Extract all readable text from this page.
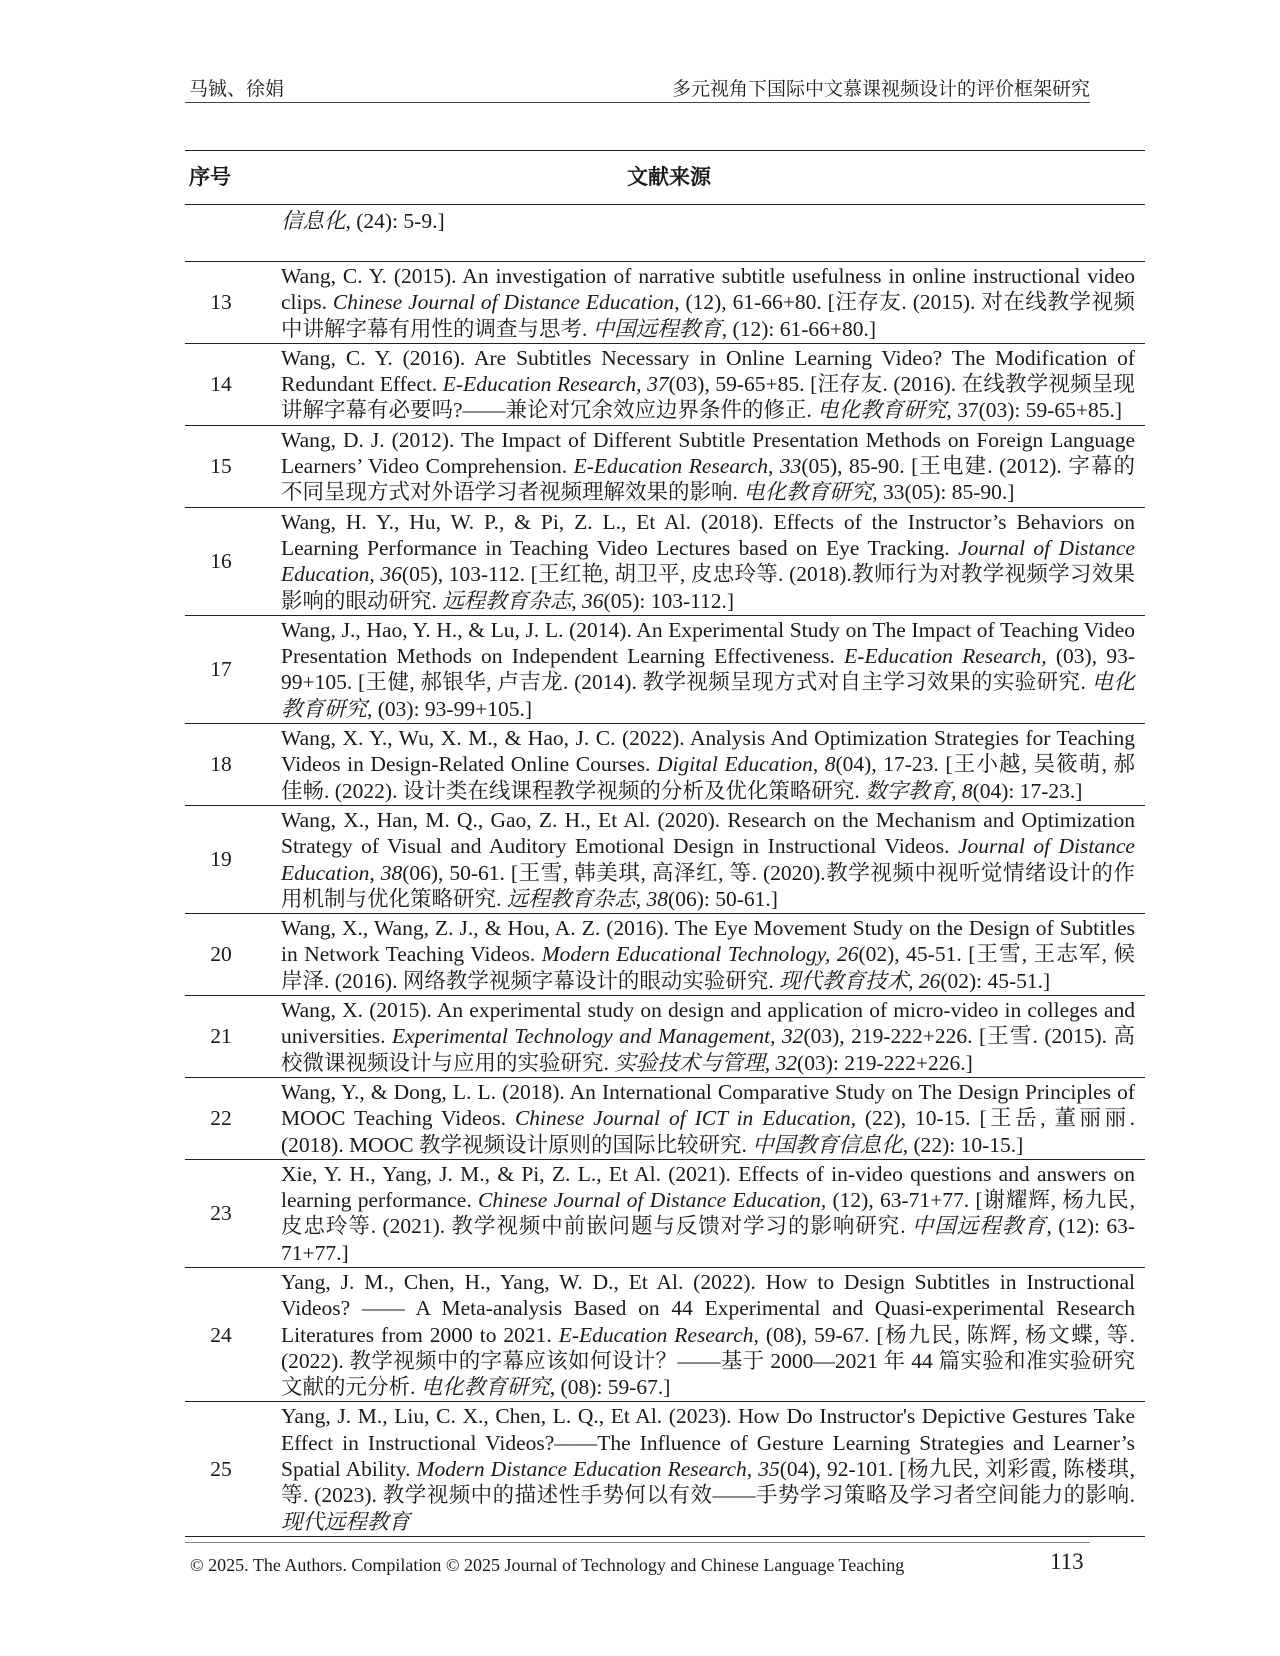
马铖、徐娟	多元视角下国际中文慕课视频设计的评价框架研究
序号	文献来源
	信息化, (24): 5-9.]
13	Wang, C. Y. (2015). An investigation of narrative subtitle usefulness in online instructional video clips. Chinese Journal of Distance Education, (12), 61-66+80. [汪存友. (2015). 对在线教学视频中讲解字幕有用性的调查与思考. 中国远程教育, (12): 61-66+80.]
14	Wang, C. Y. (2016). Are Subtitles Necessary in Online Learning Video? The Modification of Redundant Effect. E-Education Research, 37(03), 59-65+85. [汪存友. (2016). 在线教学视频呈现讲解字幕有必要吗?——兼论对冗余效应边界条件的修正. 电化教育研究, 37(03): 59-65+85.]
15	Wang, D. J. (2012). The Impact of Different Subtitle Presentation Methods on Foreign Language Learners’ Video Comprehension. E-Education Research, 33(05), 85-90. [王电建. (2012). 字幕的不同呈现方式对外语学习者视频理解效果的影响. 电化教育研究, 33(05): 85-90.]
16	Wang, H. Y., Hu, W. P., & Pi, Z. L., Et Al. (2018). Effects of the Instructor’s Behaviors on Learning Performance in Teaching Video Lectures based on Eye Tracking. Journal of Distance Education, 36(05), 103-112. [王红艳, 胡卫平, 皮忠玲等. (2018).教师行为对教学视频学习效果影响的眼动研究. 远程教育杂志, 36(05): 103-112.]
17	Wang, J., Hao, Y. H., & Lu, J. L. (2014). An Experimental Study on The Impact of Teaching Video Presentation Methods on Independent Learning Effectiveness. E-Education Research, (03), 93-99+105. [王健, 郝银华, 卢吉龙. (2014). 教学视频呈现方式对自主学习效果的实验研究. 电化教育研究, (03): 93-99+105.]
18	Wang, X. Y., Wu, X. M., & Hao, J. C. (2022). Analysis And Optimization Strategies for Teaching Videos in Design-Related Online Courses. Digital Education, 8(04), 17-23. [王小越, 吴筱萌, 郝佳畅. (2022). 设计类在线课程教学视频的分析及优化策略研究. 数字教育, 8(04): 17-23.]
19	Wang, X., Han, M. Q., Gao, Z. H., Et Al. (2020). Research on the Mechanism and Optimization Strategy of Visual and Auditory Emotional Design in Instructional Videos. Journal of Distance Education, 38(06), 50-61. [王雪, 韩美琪, 高泽红, 等. (2020).教学视频中视听觉情绪设计的作用机制与优化策略研究. 远程教育杂志, 38(06): 50-61.]
20	Wang, X., Wang, Z. J., & Hou, A. Z. (2016). The Eye Movement Study on the Design of Subtitles in Network Teaching Videos. Modern Educational Technology, 26(02), 45-51. [王雪, 王志军, 候岸泽. (2016). 网络教学视频字幕设计的眼动实验研究. 现代教育技术, 26(02): 45-51.]
21	Wang, X. (2015). An experimental study on design and application of micro-video in colleges and universities. Experimental Technology and Management, 32(03), 219-222+226. [王雪. (2015). 高校微课视频设计与应用的实验研究. 实验技术与管理, 32(03): 219-222+226.]
22	Wang, Y., & Dong, L. L. (2018). An International Comparative Study on The Design Principles of MOOC Teaching Videos. Chinese Journal of ICT in Education, (22), 10-15. [王岳, 董丽丽. (2018). MOOC 教学视频设计原则的国际比较研究. 中国教育信息化, (22): 10-15.]
23	Xie, Y. H., Yang, J. M., & Pi, Z. L., Et Al. (2021). Effects of in-video questions and answers on learning performance. Chinese Journal of Distance Education, (12), 63-71+77. [谢耀辉, 杨九民, 皮忠玲等. (2021). 教学视频中前嵌问题与反馈对学习的影响研究. 中国远程教育, (12): 63-71+77.]
24	Yang, J. M., Chen, H., Yang, W. D., Et Al. (2022). How to Design Subtitles in Instructional Videos? —— A Meta-analysis Based on 44 Experimental and Quasi-experimental Research Literatures from 2000 to 2021. E-Education Research, (08), 59-67. [杨九民, 陈辉, 杨文蝶, 等. (2022). 教学视频中的字幕应该如何设计？——基于 2000—2021 年 44 篇实验和准实验研究文献的元分析. 电化教育研究, (08): 59-67.]
25	Yang, J. M., Liu, C. X., Chen, L. Q., Et Al. (2023). How Do Instructor's Depictive Gestures Take Effect in Instructional Videos?——The Influence of Gesture Learning Strategies and Learner’s Spatial Ability. Modern Distance Education Research, 35(04), 92-101. [杨九民, 刘彩霞, 陈楼琪, 等. (2023). 教学视频中的描述性手势何以有效——手势学习策略及学习者空间能力的影响. 现代远程教育
© 2025. The Authors. Compilation © 2025 Journal of Technology and Chinese Language Teaching	113
